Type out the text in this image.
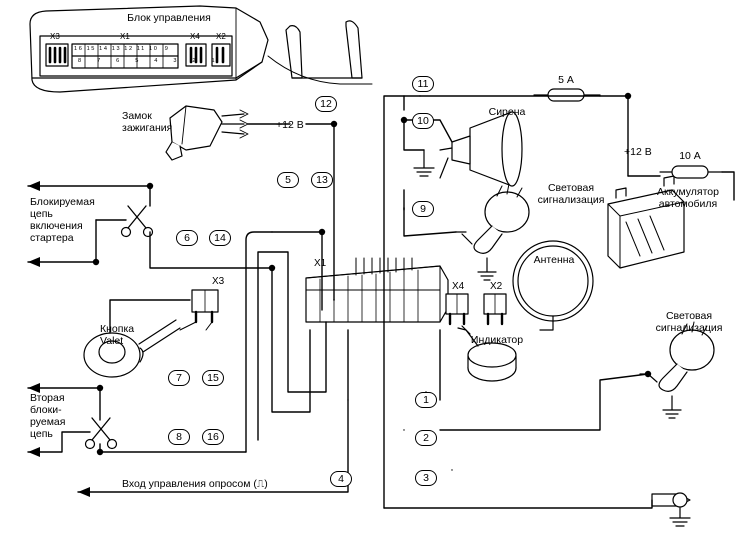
Блок управления
X3	X1	X4 X2
16 15 14 13 12 11 10  9
8 7 6 5 4 3 2 1
Замок
зажигания	+12 В
+12 В
Блокируемая
цепь
включения
стартера
Кнопка
Valet
X3
Вторая
блоки-
руемая
цепь
Вход управления опросом (⎍)
X1
X4	X2
Сирена
Световая
сигнализация
Антенна
Индикатор
Аккумулятор
автомобиля
Световая
сигнализация
5 А
10 А
12
11
10
9
5	13
6	14
7	15
8	16
4
1
2
3
